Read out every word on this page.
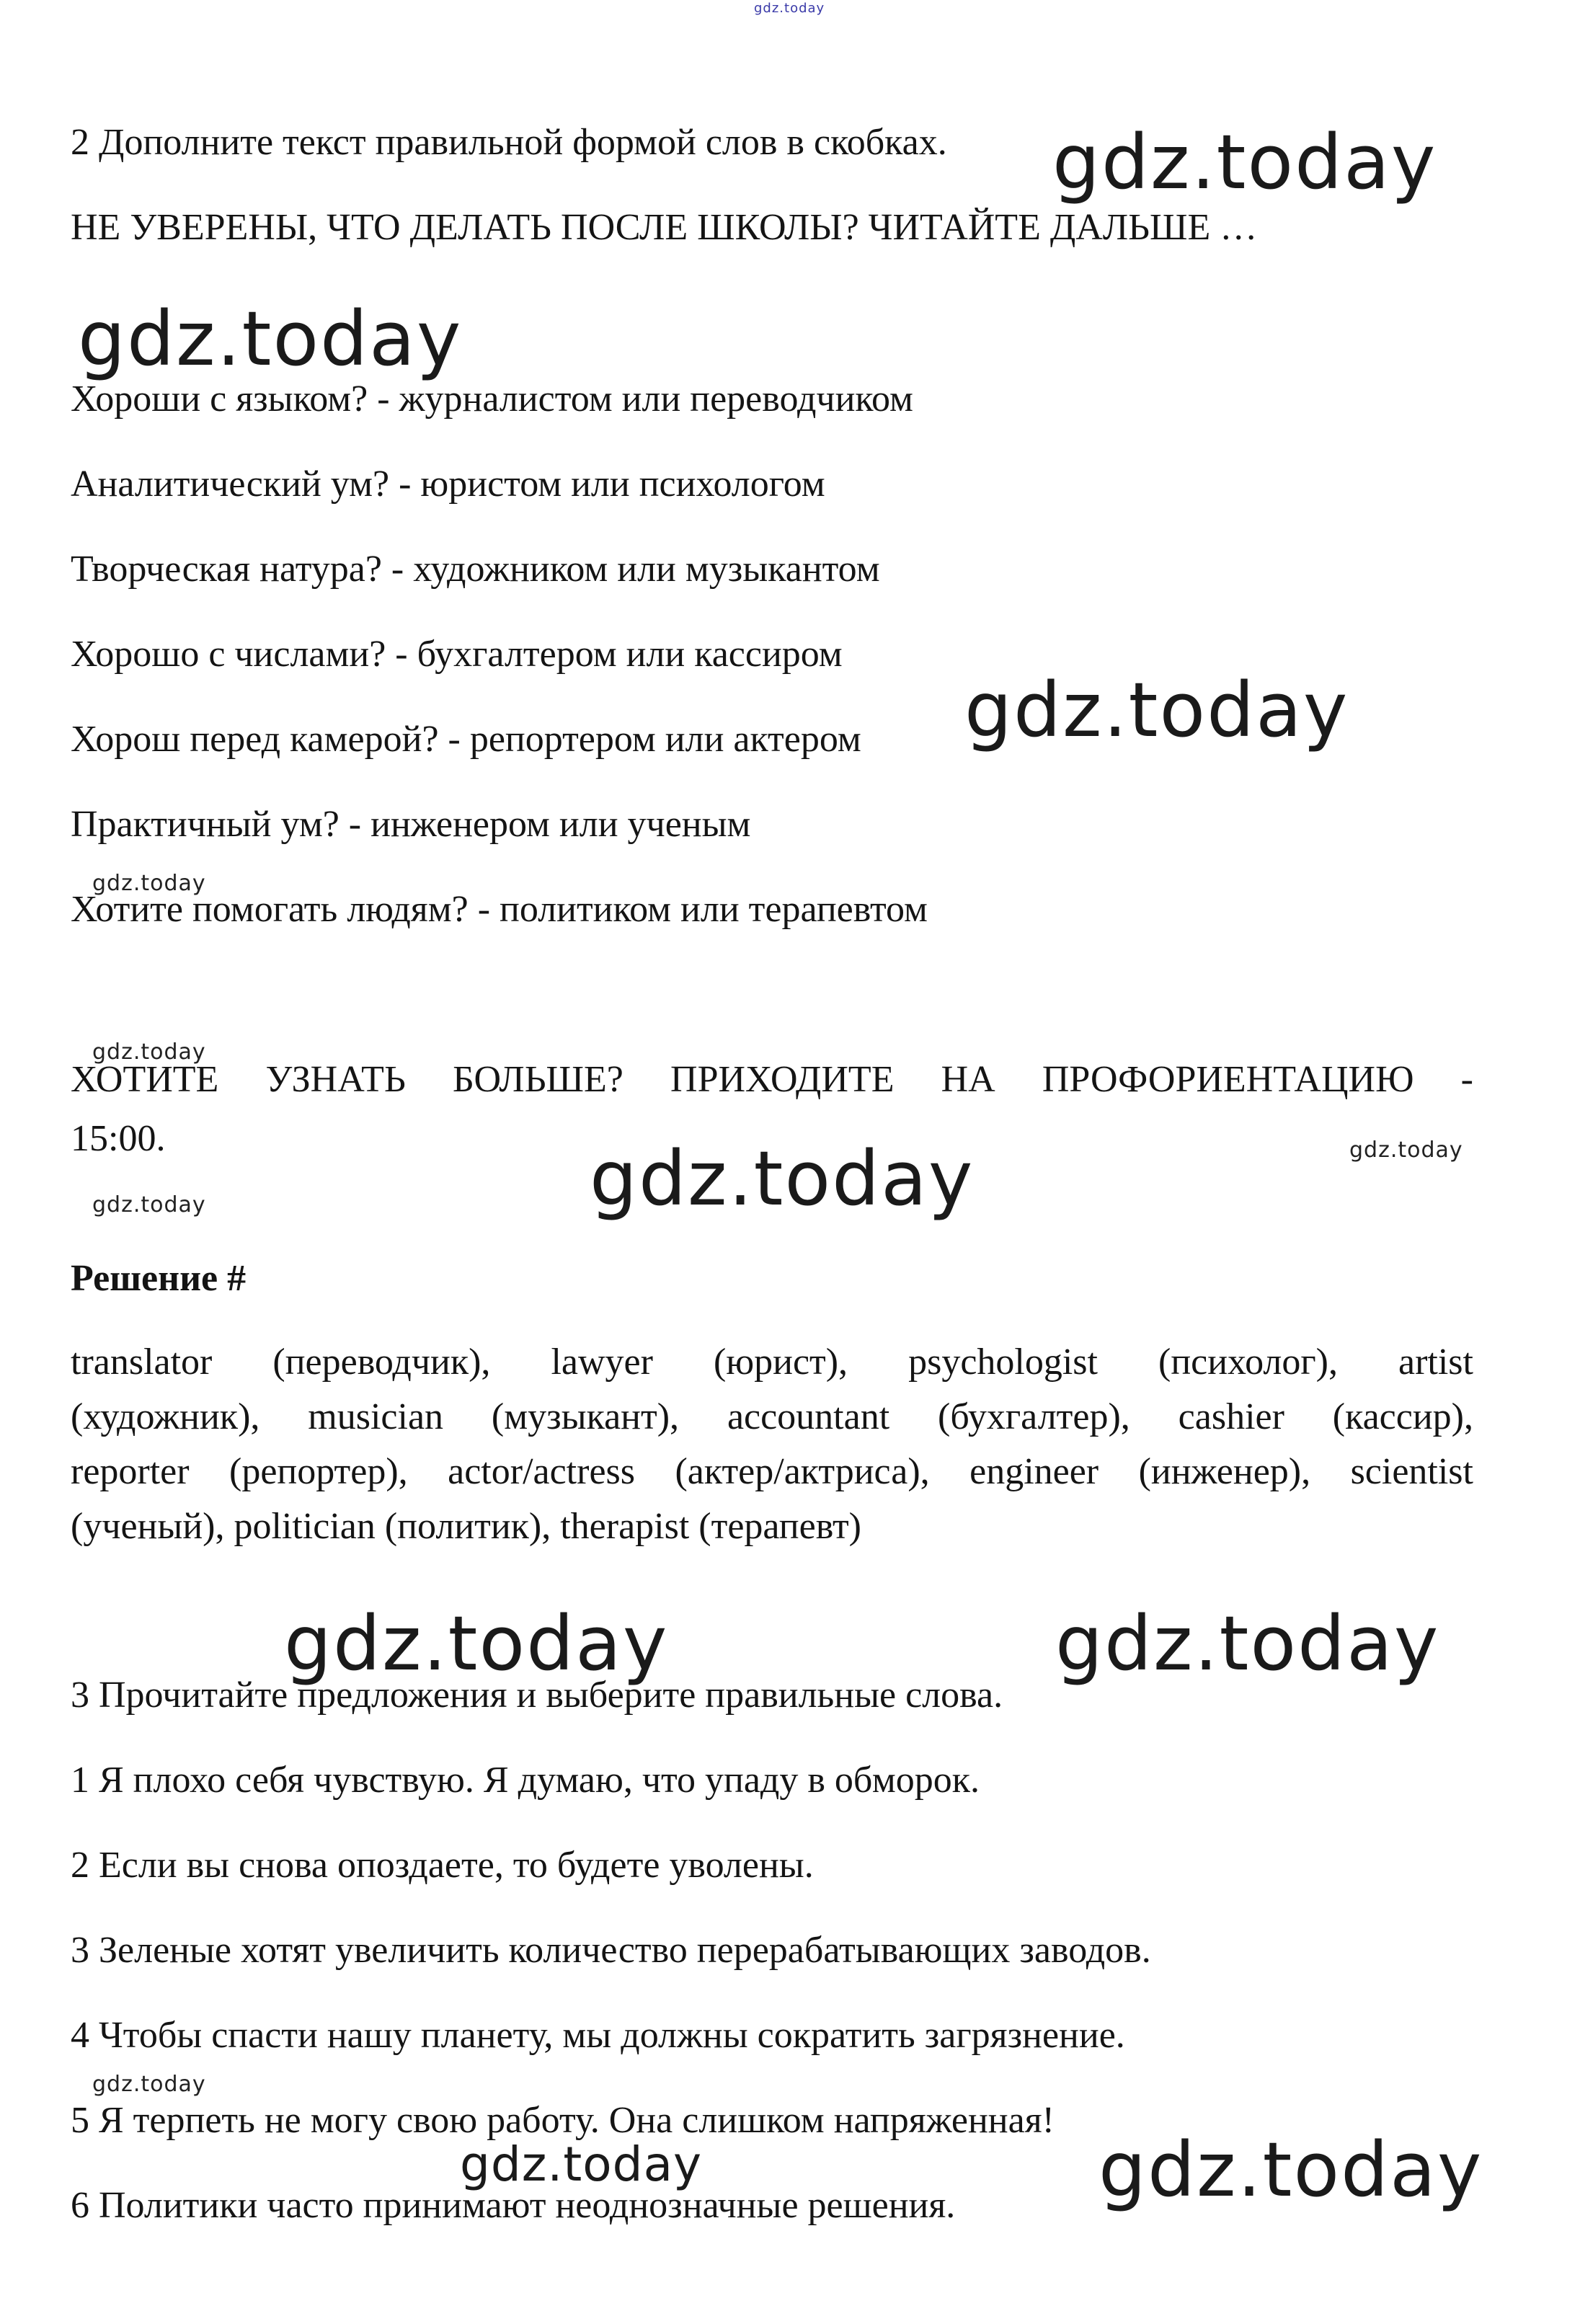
gdz.today
2 Дополните текст правильной формой слов в скобках. gdz.today
НЕ УВЕРЕНЫ, ЧТО ДЕЛАТЬ ПОСЛЕ ШКОЛЫ? ЧИТАЙТЕ ДАЛЬШЕ …
gdz.today
Хороши с языком? - журналистом или переводчиком
Аналитический ум? - юристом или психологом
Творческая натура? - художником или музыкантом
Хорошо с числами? - бухгалтером или кассиром
Хорош перед камерой? - репортером или актером gdz.today
Практичный ум? - инженером или ученым
gdz.today
Хотите помогать людям? - политиком или терапевтом
gdz.today
ХОТИТЕ УЗНАТЬ БОЛЬШЕ? ПРИХОДИТЕ НА ПРОФОРИЕНТАЦИЮ -
15:00.	gdz.today
gdz.today
gdz.today
Решение #
translator (переводчик), lawyer (юрист), psychologist (психолог), artist
(художник), musician (музыкант), accountant (бухгалтер), cashier (кассир),
reporter (репортер), actor/actress (актер/актриса), engineer (инженер), scientist
(ученый), politician (политик), therapist (терапевт)
gdz.today	gdz.today
3 Прочитайте предложения и выберите правильные слова.
1 Я плохо себя чувствую. Я думаю, что упаду в обморок.
2 Если вы снова опоздаете, то будете уволены.
3 Зеленые хотят увеличить количество перерабатывающих заводов.
4 Чтобы спасти нашу планету, мы должны сократить загрязнение.
gdz.today
5 Я терпеть не могу свою работу. Она слишком напряженная!
gdz.today	gdz.today
6 Политики часто принимают неоднозначные решения.
